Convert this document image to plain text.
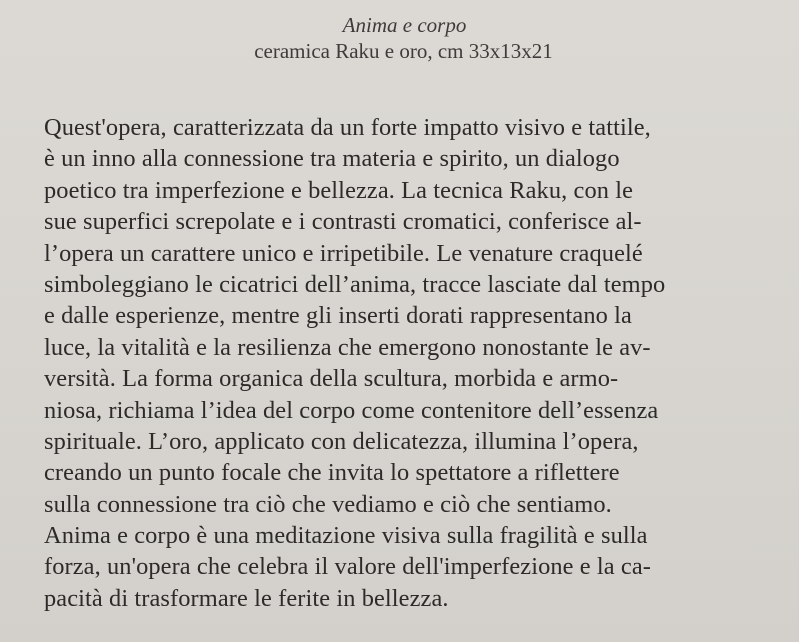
Anima e corpo
ceramica Raku e oro, cm 33x13x21
Quest'opera, caratterizzata da un forte impatto visivo e tattile,
è un inno alla connessione tra materia e spirito, un dialogo
poetico tra imperfezione e bellezza. La tecnica Raku, con le
sue superfici screpolate e i contrasti cromatici, conferisce al-
l’opera un carattere unico e irripetibile. Le venature craquelé
simboleggiano le cicatrici dell’anima, tracce lasciate dal tempo
e dalle esperienze, mentre gli inserti dorati rappresentano la
luce, la vitalità e la resilienza che emergono nonostante le av-
versità. La forma organica della scultura, morbida e armo-
niosa, richiama l’idea del corpo come contenitore dell’essenza
spirituale. L’oro, applicato con delicatezza, illumina l’opera,
creando un punto focale che invita lo spettatore a riflettere
sulla connessione tra ciò che vediamo e ciò che sentiamo.
Anima e corpo è una meditazione visiva sulla fragilità e sulla
forza, un'opera che celebra il valore dell'imperfezione e la ca-
pacità di trasformare le ferite in bellezza.
